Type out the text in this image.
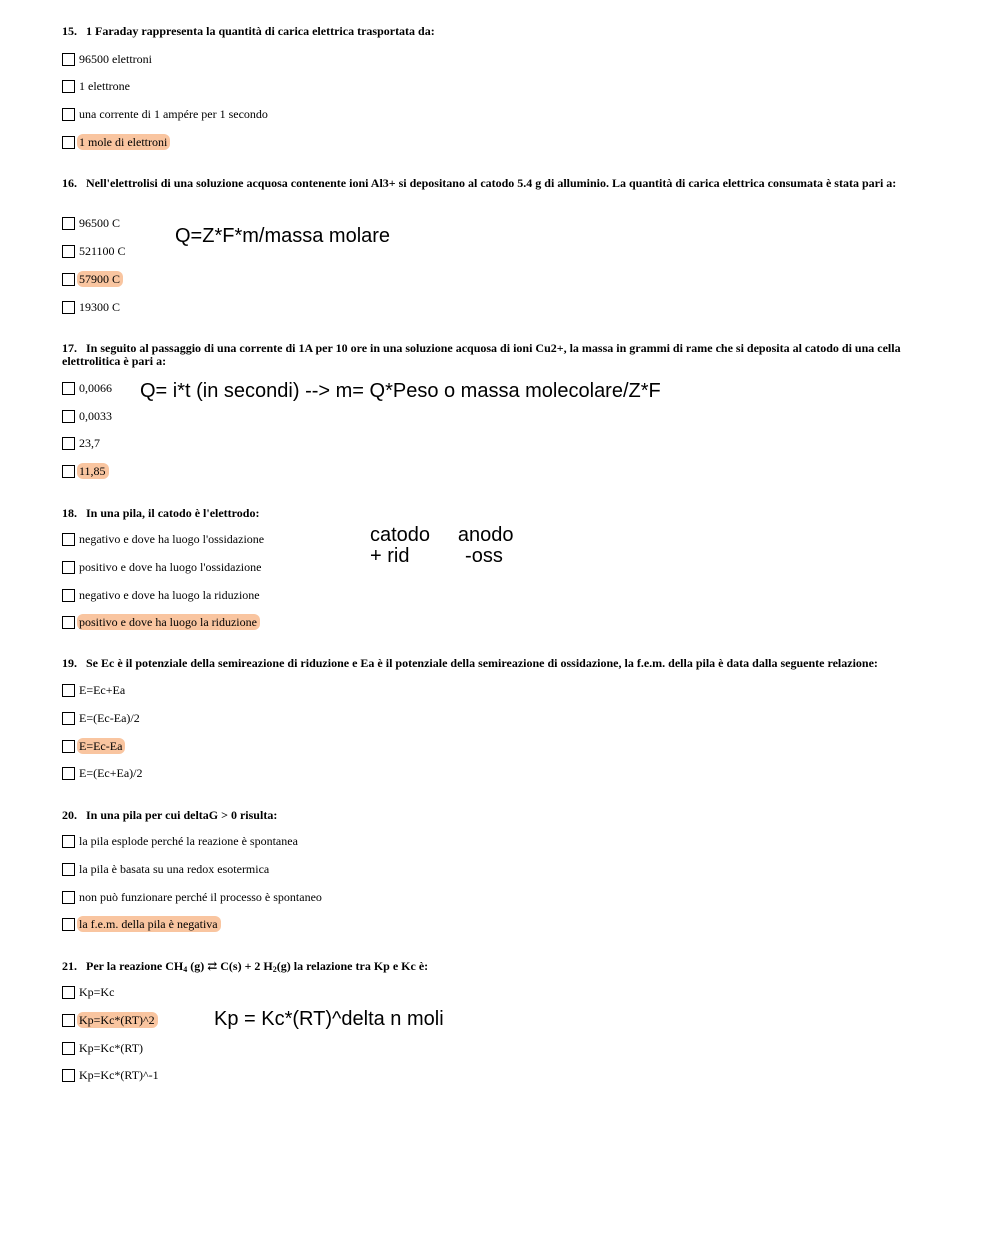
15. 1 Faraday rappresenta la quantità di carica elettrica trasportata da:
96500 elettroni
1 elettrone
una corrente di 1 ampére per 1 secondo
1 mole di elettroni
16. Nell'elettrolisi di una soluzione acquosa contenente ioni Al3+ si depositano al catodo 5.4 g di alluminio. La quantità di carica elettrica consumata è stata pari a:
96500 C
521100 C
57900 C
19300 C
Q=Z*F*m/massa molare
17. In seguito al passaggio di una corrente di 1A per 10 ore in una soluzione acquosa di ioni Cu2+, la massa in grammi di rame che si deposita al catodo di una cella elettrolitica è pari a:
0,0066
0,0033
23,7
11,85
Q= i*t (in secondi) --> m= Q*Peso o massa molecolare/Z*F
18. In una pila, il catodo è l'elettrodo:
negativo e dove ha luogo l'ossidazione
positivo e dove ha luogo l'ossidazione
negativo e dove ha luogo la riduzione
positivo e dove ha luogo la riduzione
catodo     anodo
+ rid          -oss
19. Se Ec è il potenziale della semireazione di riduzione e Ea è il potenziale della semireazione di ossidazione, la f.e.m. della pila è data dalla seguente relazione:
E=Ec+Ea
E=(Ec-Ea)/2
E=Ec-Ea
E=(Ec+Ea)/2
20. In una pila per cui deltaG > 0 risulta:
la pila esplode perché la reazione è spontanea
la pila è basata su una redox esotermica
non può funzionare perché il processo è spontaneo
la f.e.m. della pila è negativa
21. Per la reazione $CH_4$ (g) ⇄ C(s) + 2 $H_2(g)$ la relazione tra Kp e Kc è:
Kp=Kc
Kp=Kc*(RT)^2
Kp=Kc*(RT)
Kp=Kc*(RT)^-1
Kp = Kc*(RT)^delta n moli
